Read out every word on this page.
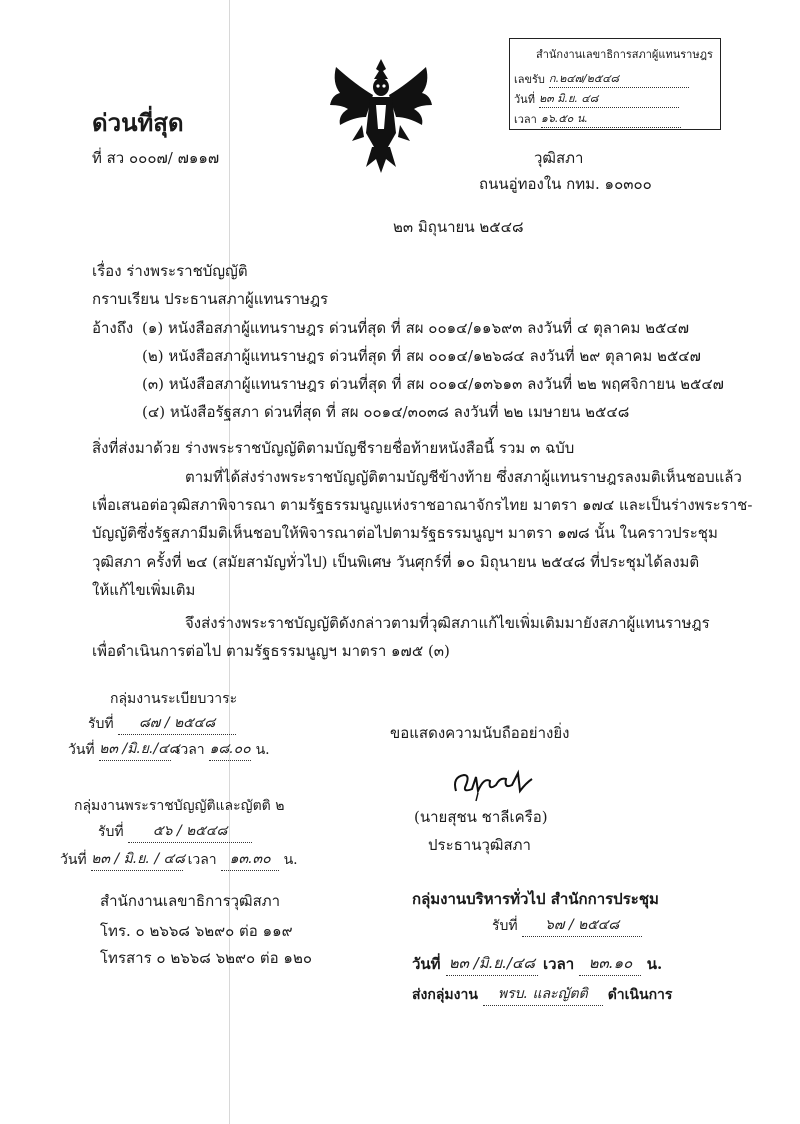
สำนักงานเลขาธิการสภาผู้แทนราษฎร
เลขรับ ก.๒๔๗/๒๕๔๘
วันที่ ๒๓ มิ.ย. ๔๘
เวลา ๑๖.๕๐ น.
ด่วนที่สุด
ที่ สว ๐๐๐๗/ ๗๑๑๗	วุฒิสภา
ถนนอู่ทองใน กทม. ๑๐๓๐๐
๒๓ มิถุนายน ๒๕๔๘
เรื่อง ร่างพระราชบัญญัติ
กราบเรียน ประธานสภาผู้แทนราษฎร
อ้างถึง (๑) หนังสือสภาผู้แทนราษฎร ด่วนที่สุด ที่ สผ ๐๐๑๔/๑๑๖๙๓ ลงวันที่ ๔ ตุลาคม ๒๕๔๗
(๒) หนังสือสภาผู้แทนราษฎร ด่วนที่สุด ที่ สผ ๐๐๑๔/๑๒๖๘๔ ลงวันที่ ๒๙ ตุลาคม ๒๕๔๗
(๓) หนังสือสภาผู้แทนราษฎร ด่วนที่สุด ที่ สผ ๐๐๑๔/๑๓๖๑๓ ลงวันที่ ๒๒ พฤศจิกายน ๒๕๔๗
(๔) หนังสือรัฐสภา ด่วนที่สุด ที่ สผ ๐๐๑๔/๓๐๓๘ ลงวันที่ ๒๒ เมษายน ๒๕๔๘
สิ่งที่ส่งมาด้วย ร่างพระราชบัญญัติตามบัญชีรายชื่อท้ายหนังสือนี้ รวม ๓ ฉบับ
ตามที่ได้ส่งร่างพระราชบัญญัติตามบัญชีข้างท้าย ซึ่งสภาผู้แทนราษฎรลงมติเห็นชอบแล้ว
เพื่อเสนอต่อวุฒิสภาพิจารณา ตามรัฐธรรมนูญแห่งราชอาณาจักรไทย มาตรา ๑๗๔ และเป็นร่างพระราช-
บัญญัติซึ่งรัฐสภามีมติเห็นชอบให้พิจารณาต่อไปตามรัฐธรรมนูญฯ มาตรา ๑๗๘ นั้น ในคราวประชุม
วุฒิสภา ครั้งที่ ๒๔ (สมัยสามัญทั่วไป) เป็นพิเศษ วันศุกร์ที่ ๑๐ มิถุนายน ๒๕๔๘ ที่ประชุมได้ลงมติ
ให้แก้ไขเพิ่มเติม
จึงส่งร่างพระราชบัญญัติดังกล่าวตามที่วุฒิสภาแก้ไขเพิ่มเติมมายังสภาผู้แทนราษฎร
เพื่อดำเนินการต่อไป ตามรัฐธรรมนูญฯ มาตรา ๑๗๕ (๓)
กลุ่มงานระเบียบวาระ
รับที่ ๘๗ / ๒๕๔๘
วันที่ ๒๓ /มิ.ย./๔๘ เวลา ๑๘.๐๐ น.
กลุ่มงานพระราชบัญญัติและญัตติ ๒
รับที่ ๕๖ / ๒๕๔๘
วันที่ ๒๓ / มิ.ย. / ๔๘ เวลา ๑๓.๓๐ น.
สำนักงานเลขาธิการวุฒิสภา
โทร. ๐ ๒๖๖๘ ๖๒๙๐ ต่อ ๑๑๙
โทรสาร ๐ ๒๖๖๘ ๖๒๙๐ ต่อ ๑๒๐
ขอแสดงความนับถืออย่างยิ่ง
(นายสุชน ชาลีเครือ)
ประธานวุฒิสภา
กลุ่มงานบริหารทั่วไป สำนักการประชุม
รับที่ ๖๗ / ๒๕๔๘
วันที่ ๒๓ /มิ.ย./๔๘ เวลา ๒๓.๑๐ น.
ส่งกลุ่มงาน พรบ. และญัตติ ดำเนินการ
